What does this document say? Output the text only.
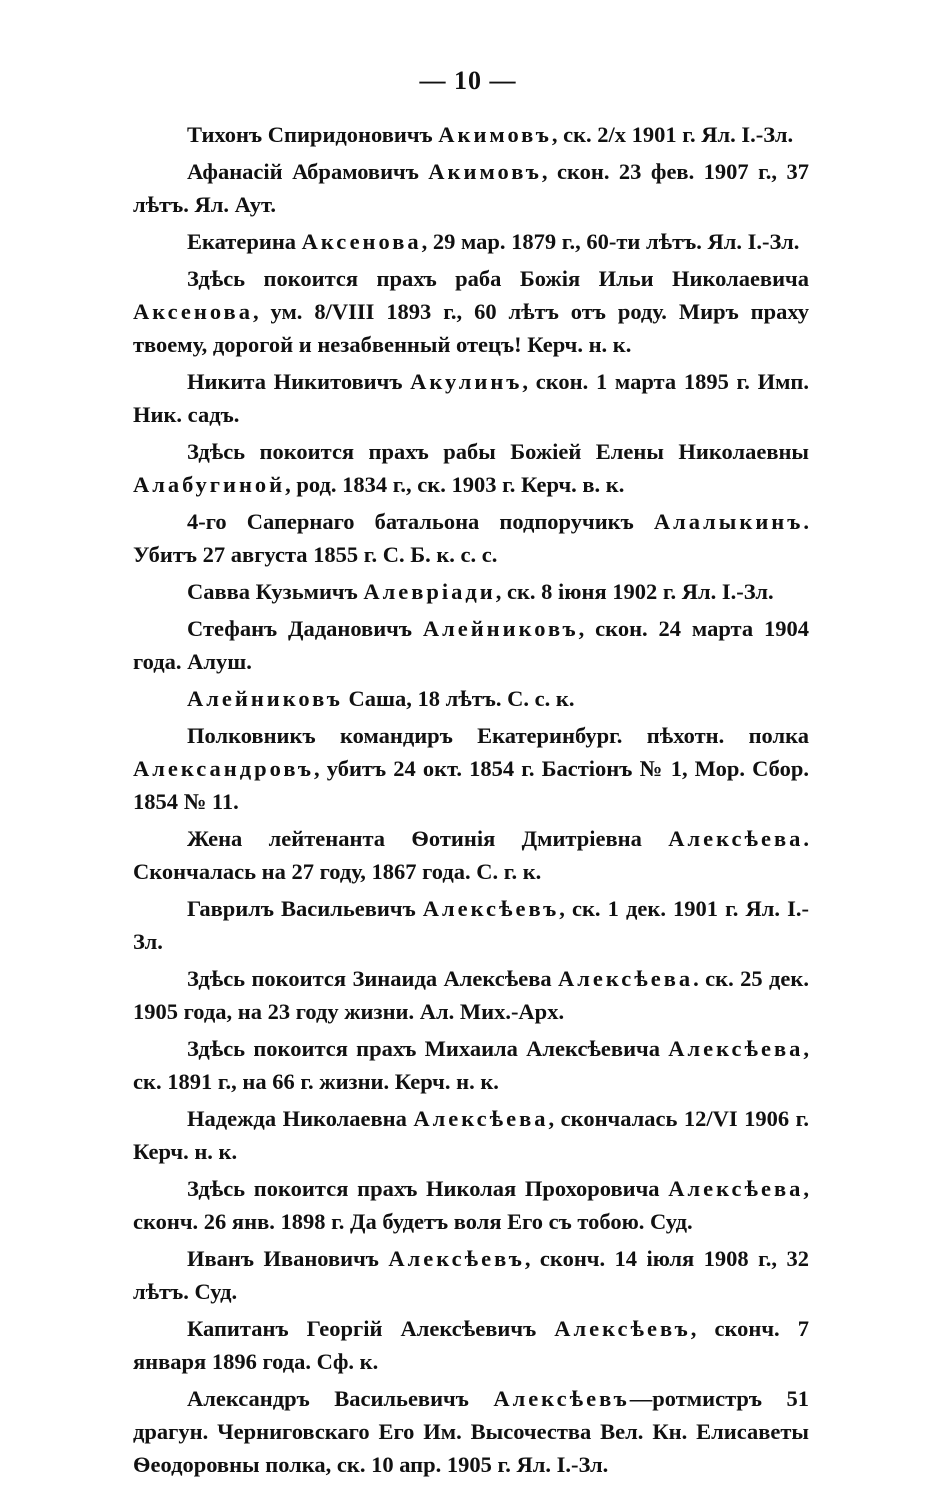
— 10 —

Тихонъ Спиридоновичъ Акимовъ, ск. 2/x 1901 г. Ял. I.-Зл.

Афанасій Абрамовичъ Акимовъ, скон. 23 фев. 1907 г., 37 лѣтъ. Ял. Аут.

Екатерина Аксенова, 29 мар. 1879 г., 60-ти лѣтъ. Ял. I.-Зл.

Здѣсь покоится прахъ раба Божія Ильи Николаевича Аксенова, ум. 8/VIII 1893 г., 60 лѣтъ отъ роду. Миръ праху твоему, дорогой и незабвенный отецъ! Керч. н. к.

Никита Никитовичъ Акулинъ, скон. 1 марта 1895 г. Имп. Ник. садъ.

Здѣсь покоится прахъ рабы Божіей Елены Николаевны Алабугиной, род. 1834 г., ск. 1903 г. Керч. в. к.

4-го Сапернаго батальона подпоручикъ Алалыкинъ. Убитъ 27 августа 1855 г. С. Б. к. с. с.

Савва Кузьмичъ Алевріади, ск. 8 іюня 1902 г. Ял. I.-Зл.

Стефанъ Дадановичъ Алейниковъ, скон. 24 марта 1904 года. Алуш.

Алейниковъ Саша, 18 лѣтъ. С. с. к.

Полковникъ командиръ Екатеринбург. пѣхотн. полка Александровъ, убитъ 24 окт. 1854 г. Бастіонъ № 1, Мор. Сбор. 1854 № 11.

Жена лейтенанта Ѳотинія Дмитріевна Алексѣева. Скончалась на 27 году, 1867 года. С. г. к.

Гаврилъ Васильевичъ Алексѣевъ, ск. 1 дек. 1901 г. Ял. I.-Зл.

Здѣсь покоится Зинаида Алексѣева Алексѣева. ск. 25 дек. 1905 года, на 23 году жизни. Ал. Мих.-Арх.

Здѣсь покоится прахъ Михаила Алексѣевича Алексѣева, ск. 1891 г., на 66 г. жизни. Керч. н. к.

Надежда Николаевна Алексѣева, скончалась 12/VI 1906 г. Керч. н. к.

Здѣсь покоится прахъ Николая Прохоровича Алексѣева, сконч. 26 янв. 1898 г. Да будетъ воля Его съ тобою. Суд.

Иванъ Ивановичъ Алексѣевъ, сконч. 14 іюля 1908 г., 32 лѣтъ. Суд.

Капитанъ Георгій Алексѣевичъ Алексѣевъ, сконч. 7 января 1896 года. Сф. к.

Александръ Васильевичъ Алексѣевъ—ротмистръ 51 драгун. Черниговскаго Его Им. Высочества Вел. Кн. Елисаветы Ѳеодоровны полка, ск. 10 апр. 1905 г. Ял. I.-Зл.
